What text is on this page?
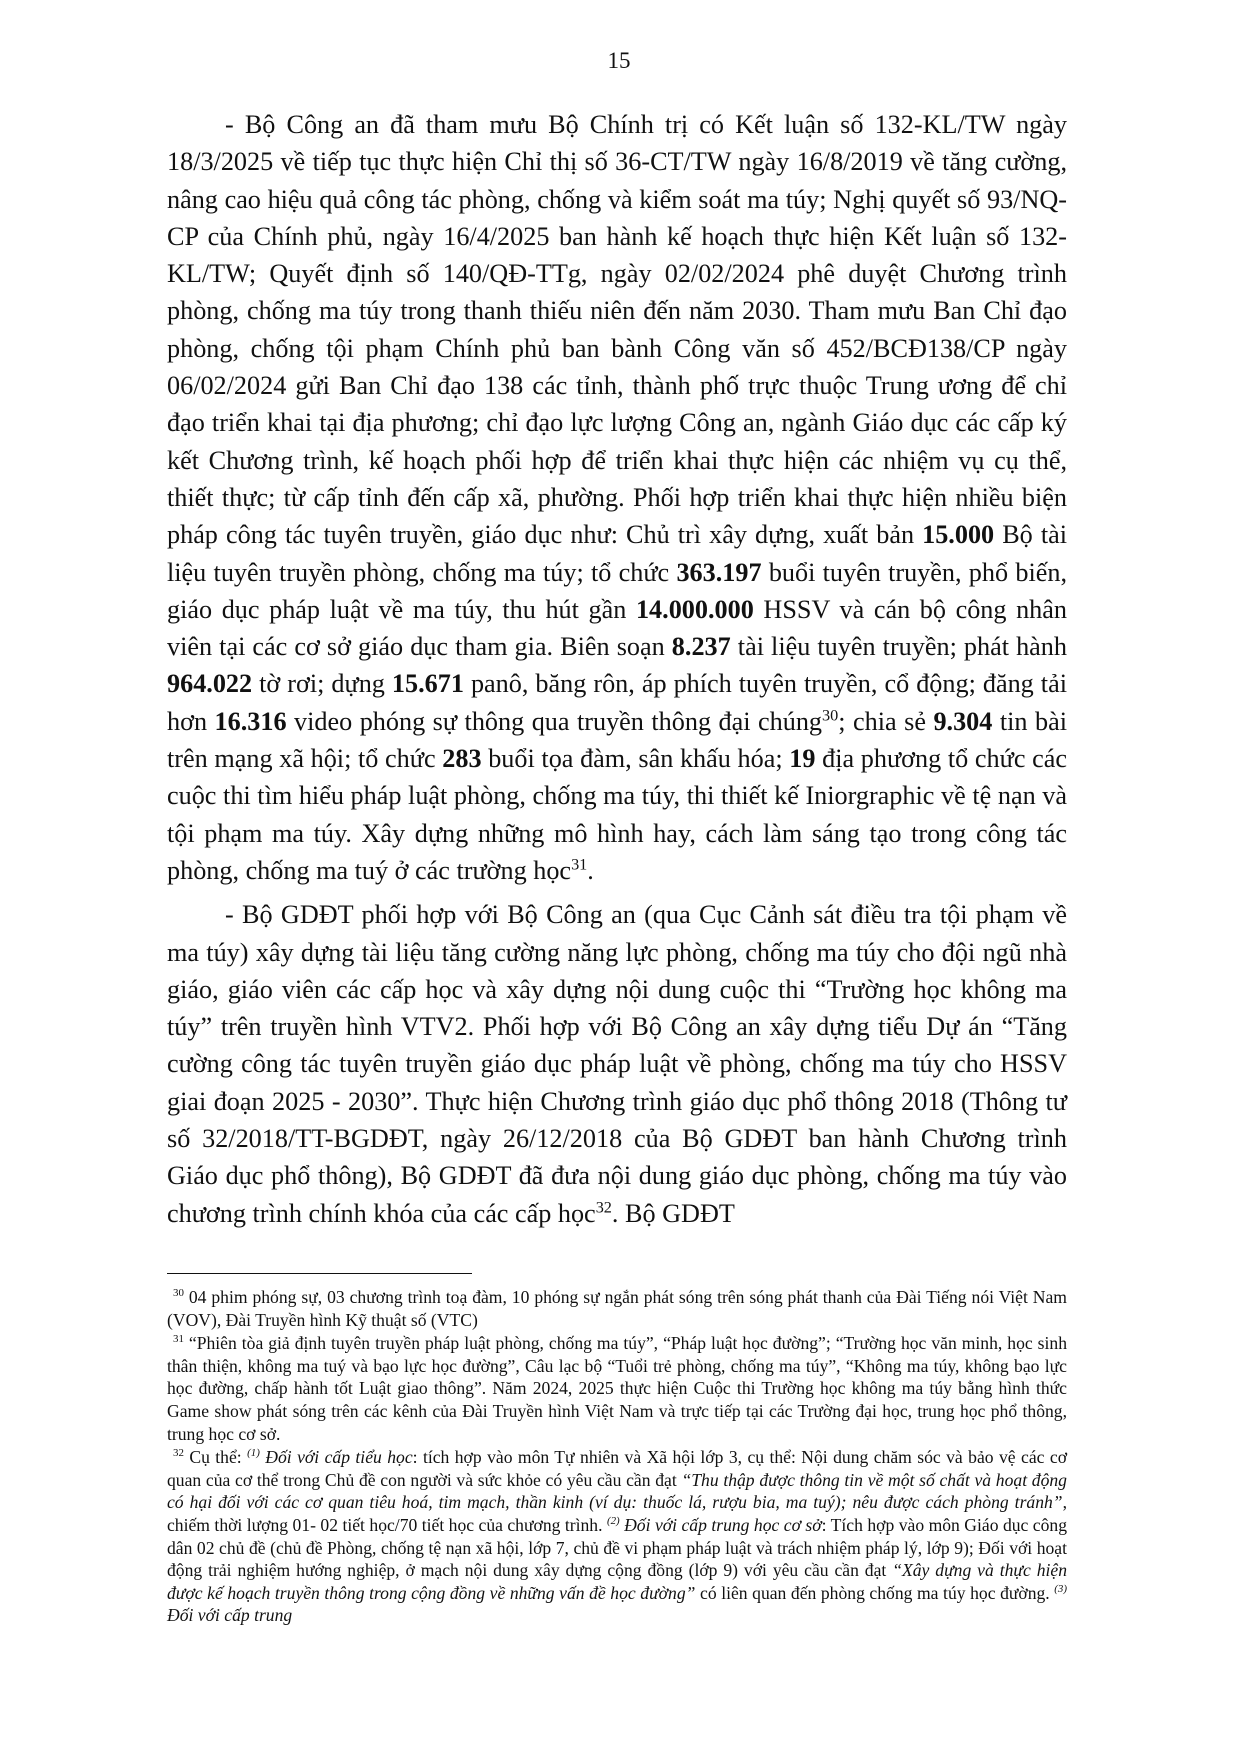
15

- Bộ Công an đã tham mưu Bộ Chính trị có Kết luận số 132-KL/TW ngày 18/3/2025 về tiếp tục thực hiện Chỉ thị số 36-CT/TW ngày 16/8/2019 về tăng cường, nâng cao hiệu quả công tác phòng, chống và kiểm soát ma túy; Nghị quyết số 93/NQ-CP của Chính phủ, ngày 16/4/2025 ban hành kế hoạch thực hiện Kết luận số 132-KL/TW; Quyết định số 140/QĐ-TTg, ngày 02/02/2024 phê duyệt Chương trình phòng, chống ma túy trong thanh thiếu niên đến năm 2030. Tham mưu Ban Chỉ đạo phòng, chống tội phạm Chính phủ ban bành Công văn số 452/BCĐ138/CP ngày 06/02/2024 gửi Ban Chỉ đạo 138 các tỉnh, thành phố trực thuộc Trung ương để chỉ đạo triển khai tại địa phương; chỉ đạo lực lượng Công an, ngành Giáo dục các cấp ký kết Chương trình, kế hoạch phối hợp để triển khai thực hiện các nhiệm vụ cụ thể, thiết thực; từ cấp tỉnh đến cấp xã, phường. Phối hợp triển khai thực hiện nhiều biện pháp công tác tuyên truyền, giáo dục như: Chủ trì xây dựng, xuất bản 15.000 Bộ tài liệu tuyên truyền phòng, chống ma túy; tổ chức 363.197 buổi tuyên truyền, phổ biến, giáo dục pháp luật về ma túy, thu hút gần 14.000.000 HSSV và cán bộ công nhân viên tại các cơ sở giáo dục tham gia. Biên soạn 8.237 tài liệu tuyên truyền; phát hành 964.022 tờ rơi; dựng 15.671 panô, băng rôn, áp phích tuyên truyền, cổ động; đăng tải hơn 16.316 video phóng sự thông qua truyền thông đại chúng$^{30}$; chia sẻ 9.304 tin bài trên mạng xã hội; tổ chức 283 buổi tọa đàm, sân khấu hóa; 19 địa phương tổ chức các cuộc thi tìm hiểu pháp luật phòng, chống ma túy, thi thiết kế Iniorgraphic về tệ nạn và tội phạm ma túy. Xây dựng những mô hình hay, cách làm sáng tạo trong công tác phòng, chống ma tuý ở các trường học$^{31}$.

- Bộ GDĐT phối hợp với Bộ Công an (qua Cục Cảnh sát điều tra tội phạm về ma túy) xây dựng tài liệu tăng cường năng lực phòng, chống ma túy cho đội ngũ nhà giáo, giáo viên các cấp học và xây dựng nội dung cuộc thi “Trường học không ma túy” trên truyền hình VTV2. Phối hợp với Bộ Công an xây dựng tiểu Dự án “Tăng cường công tác tuyên truyền giáo dục pháp luật về phòng, chống ma túy cho HSSV giai đoạn 2025 - 2030”. Thực hiện Chương trình giáo dục phổ thông 2018 (Thông tư số 32/2018/TT-BGDĐT, ngày 26/12/2018 của Bộ GDĐT ban hành Chương trình Giáo dục phổ thông), Bộ GDĐT đã đưa nội dung giáo dục phòng, chống ma túy vào chương trình chính khóa của các cấp học$^{32}$. Bộ GDĐT

$^{30}$ 04 phim phóng sự, 03 chương trình toạ đàm, 10 phóng sự ngắn phát sóng trên sóng phát thanh của Đài Tiếng nói Việt Nam (VOV), Đài Truyền hình Kỹ thuật số (VTC)
$^{31}$ “Phiên tòa giả định tuyên truyền pháp luật phòng, chống ma túy”, “Pháp luật học đường”; “Trường học văn minh, học sinh thân thiện, không ma tuý và bạo lực học đường”, Câu lạc bộ “Tuổi trẻ phòng, chống ma túy”, “Không ma túy, không bạo lực học đường, chấp hành tốt Luật giao thông”. Năm 2024, 2025 thực hiện Cuộc thi Trường học không ma túy bằng hình thức Game show phát sóng trên các kênh của Đài Truyền hình Việt Nam và trực tiếp tại các Trường đại học, trung học phổ thông, trung học cơ sở.
$^{32}$ Cụ thể: $^{(1)}$ Đối với cấp tiểu học: tích hợp vào môn Tự nhiên và Xã hội lớp 3, cụ thể: Nội dung chăm sóc và bảo vệ các cơ quan của cơ thể trong Chủ đề con người và sức khỏe có yêu cầu cần đạt “Thu thập được thông tin về một số chất và hoạt động có hại đối với các cơ quan tiêu hoá, tim mạch, thần kinh (ví dụ: thuốc lá, rượu bia, ma tuý); nêu được cách phòng tránh”, chiếm thời lượng 01- 02 tiết học/70 tiết học của chương trình. $^{(2)}$ Đối với cấp trung học cơ sở: Tích hợp vào môn Giáo dục công dân 02 chủ đề (chủ đề Phòng, chống tệ nạn xã hội, lớp 7, chủ đề vi phạm pháp luật và trách nhiệm pháp lý, lớp 9); Đối với hoạt động trải nghiệm hướng nghiệp, ở mạch nội dung xây dựng cộng đồng (lớp 9) với yêu cầu cần đạt “Xây dựng và thực hiện được kế hoạch truyền thông trong cộng đồng về những vấn đề học đường” có liên quan đến phòng chống ma túy học đường. $^{(3)}$ Đối với cấp trung
